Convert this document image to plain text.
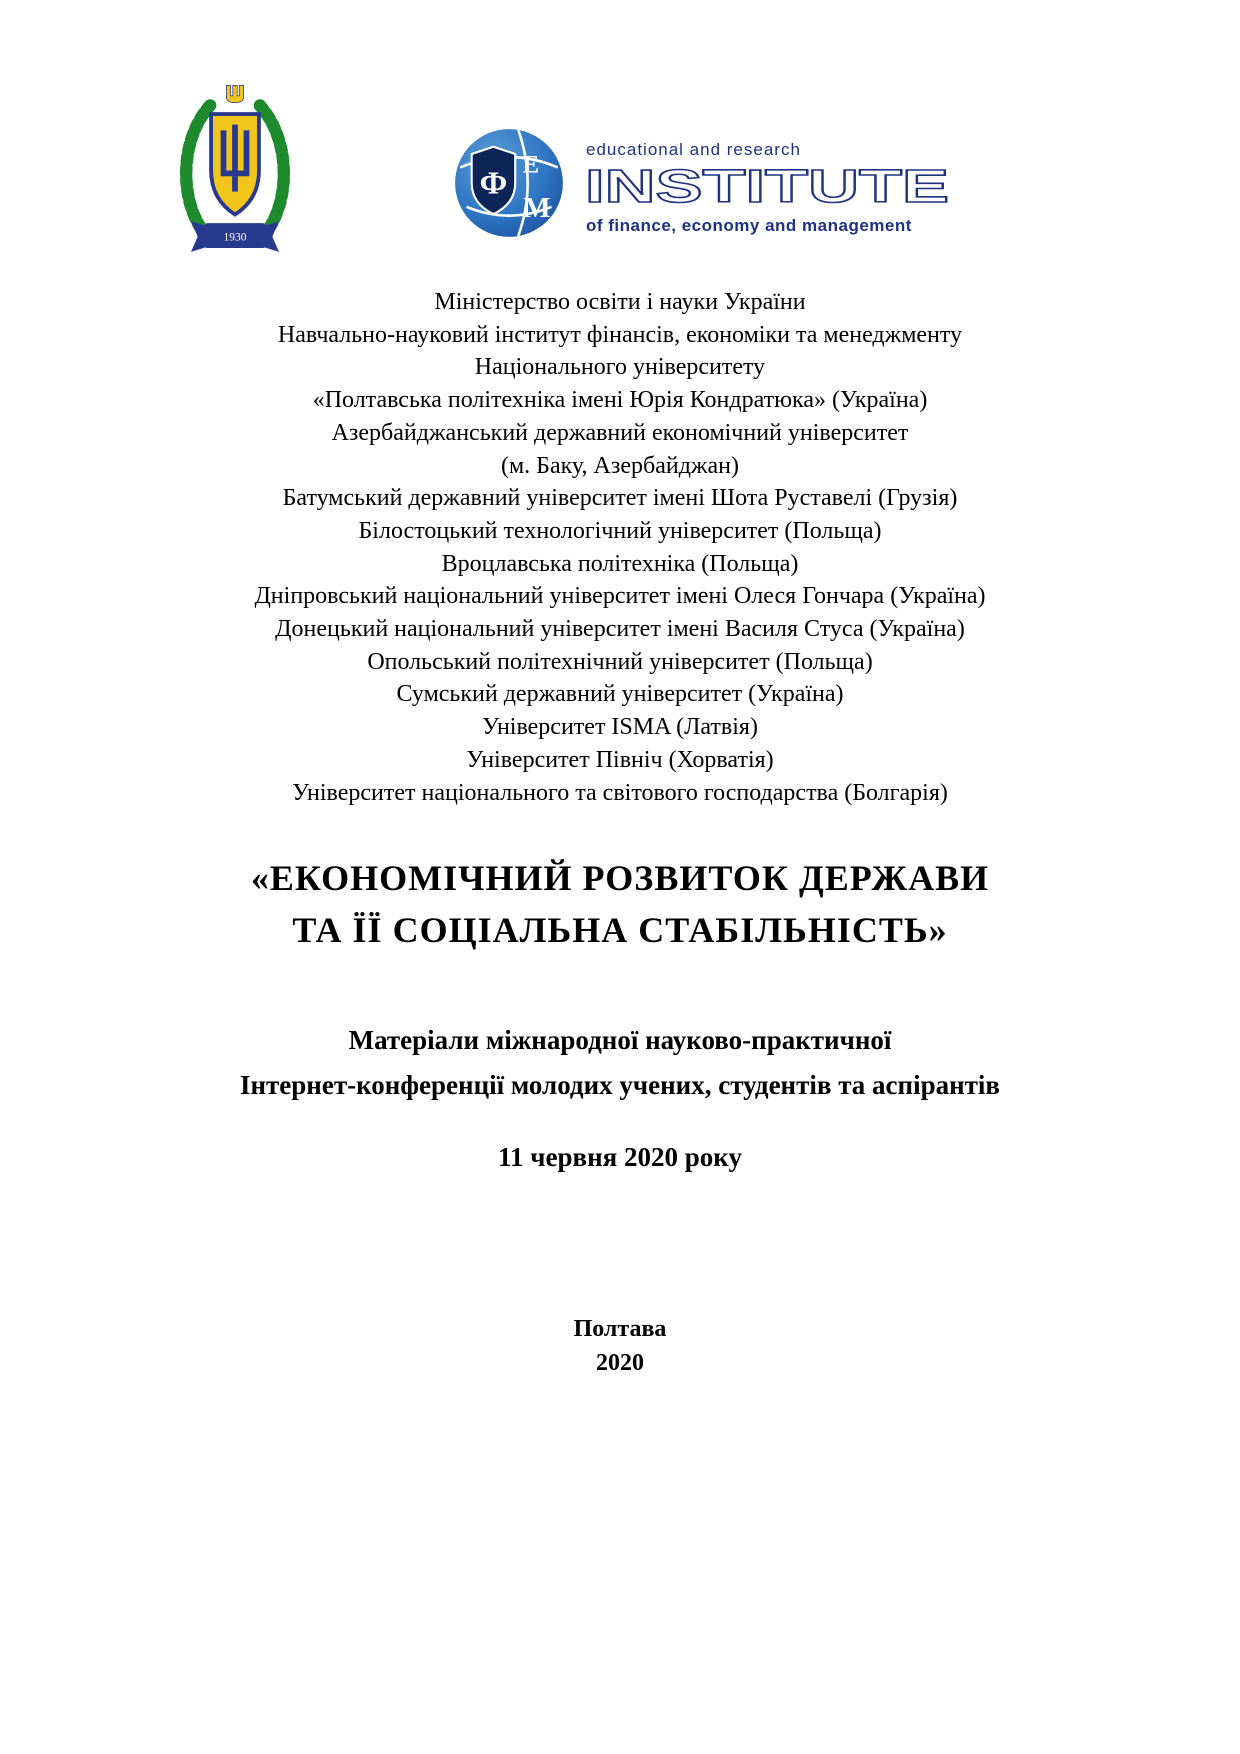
1930
Ф Е
М
educational and research
INSTITUTE
of finance, economy and management
Міністерство освіти і науки України
Навчально-науковий інститут фінансів, економіки та менеджменту
Національного університету
«Полтавська політехніка імені Юрія Кондратюка» (Україна)
Азербайджанський державний економічний університет
(м. Баку, Азербайджан)
Батумський державний університет імені Шота Руставелі (Грузія)
Білостоцький технологічний університет (Польща)
Вроцлавська політехніка (Польща)
Дніпровський національний університет імені Олеся Гончара (Україна)
Донецький національний університет імені Василя Стуса (Україна)
Опольський політехнічний університет (Польща)
Сумський державний університет (Україна)
Університет ISMA (Латвія)
Університет Північ (Хорватія)
Університет національного та світового господарства (Болгарія)
«ЕКОНОМІЧНИЙ РОЗВИТОК ДЕРЖАВИ
ТА ЇЇ СОЦІАЛЬНА СТАБІЛЬНІСТЬ»
Матеріали міжнародної науково-практичної
Інтернет-конференції молодих учених, студентів та аспірантів
11 червня 2020 року
Полтава
2020
